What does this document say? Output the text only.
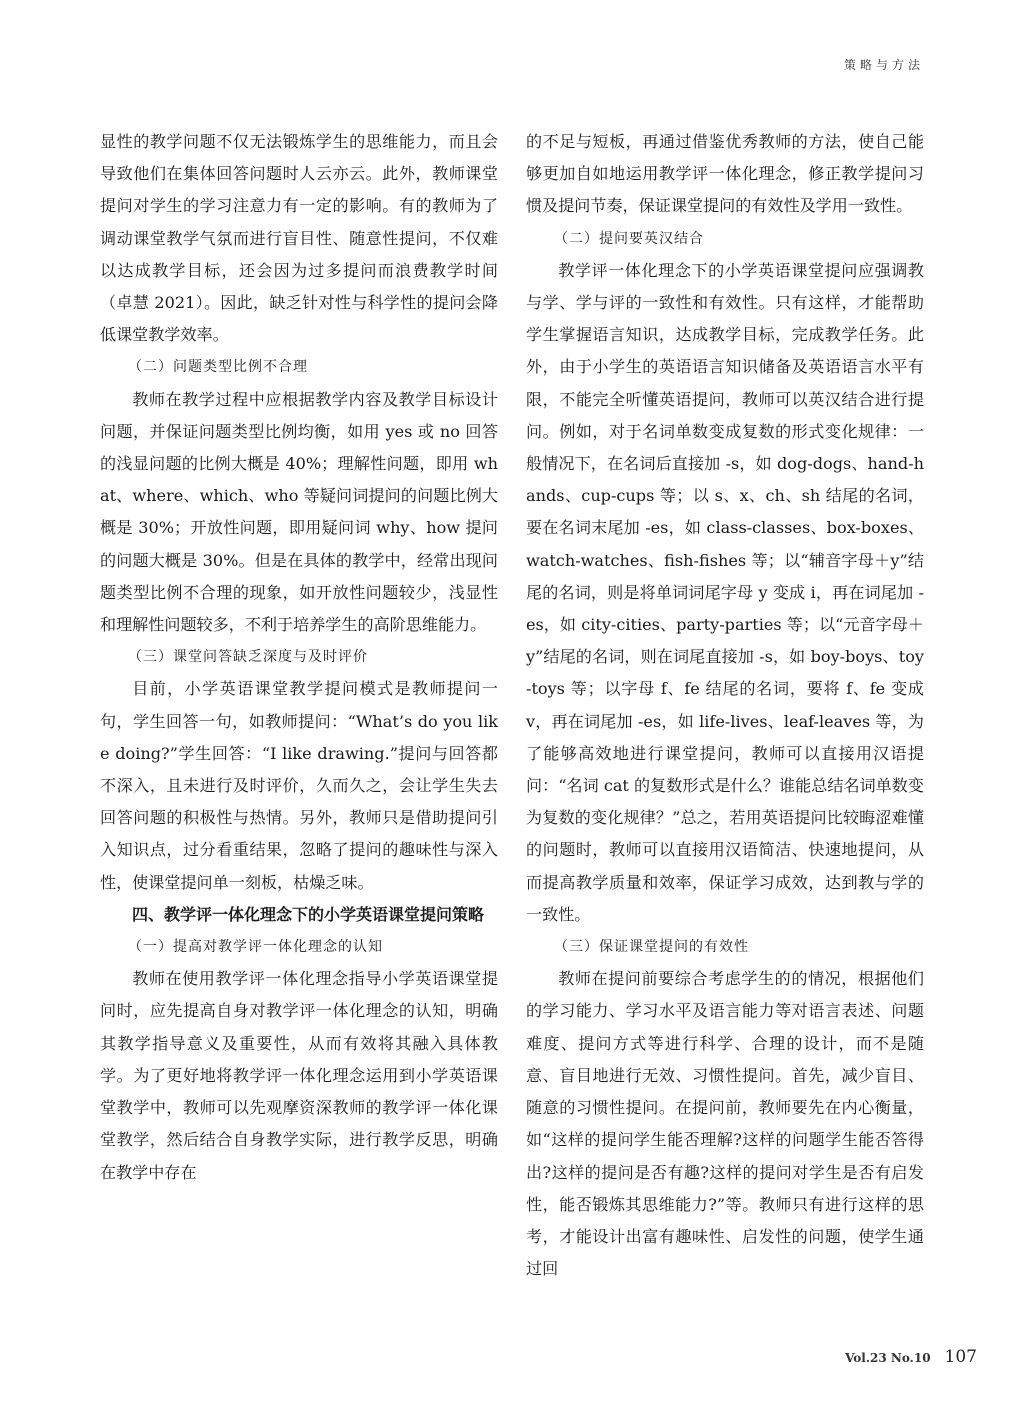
策略与方法

显性的教学问题不仅无法锻炼学生的思维能力，而且会导致他们在集体回答问题时人云亦云。此外，教师课堂提问对学生的学习注意力有一定的影响。有的教师为了调动课堂教学气氛而进行盲目性、随意性提问，不仅难以达成教学目标，还会因为过多提问而浪费教学时间（卓慧 2021）。因此，缺乏针对性与科学性的提问会降低课堂教学效率。

（二）问题类型比例不合理

教师在教学过程中应根据教学内容及教学目标设计问题，并保证问题类型比例均衡，如用 yes 或 no 回答的浅显问题的比例大概是 40%；理解性问题，即用 what、where、which、who 等疑问词提问的问题比例大概是 30%；开放性问题，即用疑问词 why、how 提问的问题大概是 30%。但是在具体的教学中，经常出现问题类型比例不合理的现象，如开放性问题较少，浅显性和理解性问题较多，不利于培养学生的高阶思维能力。

（三）课堂问答缺乏深度与及时评价

目前，小学英语课堂教学提问模式是教师提问一句，学生回答一句，如教师提问：“What’s do you like doing?”学生回答：“I like drawing.”提问与回答都不深入，且未进行及时评价，久而久之，会让学生失去回答问题的积极性与热情。另外，教师只是借助提问引入知识点，过分看重结果，忽略了提问的趣味性与深入性，使课堂提问单一刻板，枯燥乏味。

四、教学评一体化理念下的小学英语课堂提问策略
（一）提高对教学评一体化理念的认知

教师在使用教学评一体化理念指导小学英语课堂提问时，应先提高自身对教学评一体化理念的认知，明确其教学指导意义及重要性，从而有效将其融入具体教学。为了更好地将教学评一体化理念运用到小学英语课堂教学中，教师可以先观摩资深教师的教学评一体化课堂教学，然后结合自身教学实际，进行教学反思，明确在教学中存在

的不足与短板，再通过借鉴优秀教师的方法，使自己能够更加自如地运用教学评一体化理念，修正教学提问习惯及提问节奏，保证课堂提问的有效性及学用一致性。

（二）提问要英汉结合

教学评一体化理念下的小学英语课堂提问应强调教与学、学与评的一致性和有效性。只有这样，才能帮助学生掌握语言知识，达成教学目标，完成教学任务。此外，由于小学生的英语语言知识储备及英语语言水平有限，不能完全听懂英语提问，教师可以英汉结合进行提问。例如，对于名词单数变成复数的形式变化规律：一般情况下，在名词后直接加 -s，如 dog-dogs、hand-hands、cup-cups 等；以 s、x、ch、sh 结尾的名词，要在名词末尾加 -es，如 class-classes、box-boxes、watch-watches、fish-fishes 等；以“辅音字母＋y”结尾的名词，则是将单词词尾字母 y 变成 i，再在词尾加 -es，如 city-cities、party-parties 等；以“元音字母＋y”结尾的名词，则在词尾直接加 -s，如 boy-boys、toy-toys 等；以字母 f、fe 结尾的名词，要将 f、fe 变成 v，再在词尾加 -es，如 life-lives、leaf-leaves 等，为了能够高效地进行课堂提问，教师可以直接用汉语提问：“名词 cat 的复数形式是什么？谁能总结名词单数变为复数的变化规律？”总之，若用英语提问比较晦涩难懂的问题时，教师可以直接用汉语简洁、快速地提问，从而提高教学质量和效率，保证学习成效，达到教与学的一致性。

（三）保证课堂提问的有效性

教师在提问前要综合考虑学生的的情况，根据他们的学习能力、学习水平及语言能力等对语言表述、问题难度、提问方式等进行科学、合理的设计，而不是随意、盲目地进行无效、习惯性提问。首先，减少盲目、随意的习惯性提问。在提问前，教师要先在内心衡量，如“这样的提问学生能否理解?这样的问题学生能否答得出?这样的提问是否有趣?这样的提问对学生是否有启发性，能否锻炼其思维能力?”等。教师只有进行这样的思考，才能设计出富有趣味性、启发性的问题，使学生通过回

Vol.23 No.10 107
